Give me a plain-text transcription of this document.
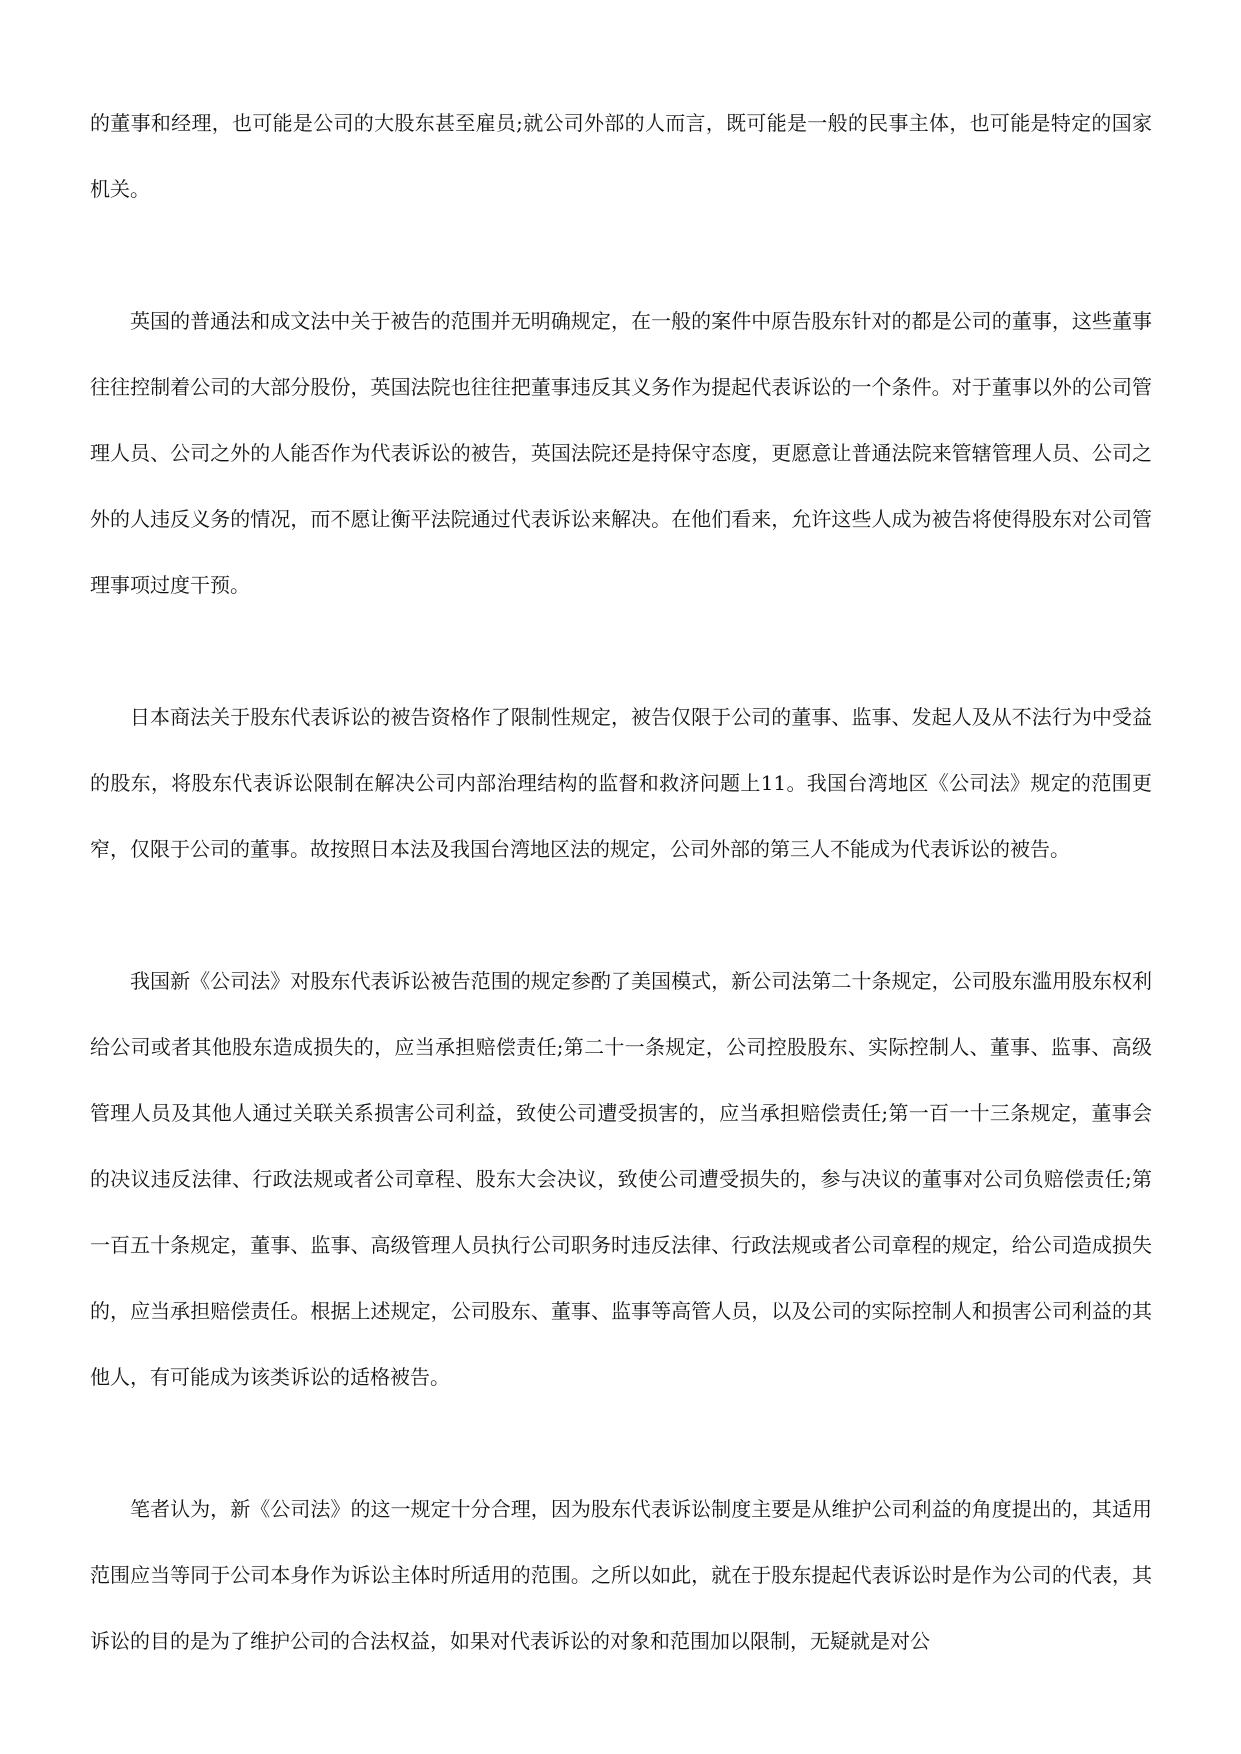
的董事和经理，也可能是公司的大股东甚至雇员;就公司外部的人而言，既可能是一般的民事主体，也可能是特定的国家机关。

英国的普通法和成文法中关于被告的范围并无明确规定，在一般的案件中原告股东针对的都是公司的董事，这些董事往往控制着公司的大部分股份，英国法院也往往把董事违反其义务作为提起代表诉讼的一个条件。对于董事以外的公司管理人员、公司之外的人能否作为代表诉讼的被告，英国法院还是持保守态度，更愿意让普通法院来管辖管理人员、公司之外的人违反义务的情况，而不愿让衡平法院通过代表诉讼来解决。在他们看来，允许这些人成为被告将使得股东对公司管理事项过度干预。

日本商法关于股东代表诉讼的被告资格作了限制性规定，被告仅限于公司的董事、监事、发起人及从不法行为中受益的股东，将股东代表诉讼限制在解决公司内部治理结构的监督和救济问题上11。我国台湾地区《公司法》规定的范围更窄，仅限于公司的董事。故按照日本法及我国台湾地区法的规定，公司外部的第三人不能成为代表诉讼的被告。

我国新《公司法》对股东代表诉讼被告范围的规定参酌了美国模式，新公司法第二十条规定，公司股东滥用股东权利给公司或者其他股东造成损失的，应当承担赔偿责任;第二十一条规定，公司控股股东、实际控制人、董事、监事、高级管理人员及其他人通过关联关系损害公司利益，致使公司遭受损害的，应当承担赔偿责任;第一百一十三条规定，董事会的决议违反法律、行政法规或者公司章程、股东大会决议，致使公司遭受损失的，参与决议的董事对公司负赔偿责任;第一百五十条规定，董事、监事、高级管理人员执行公司职务时违反法律、行政法规或者公司章程的规定，给公司造成损失的，应当承担赔偿责任。根据上述规定，公司股东、董事、监事等高管人员，以及公司的实际控制人和损害公司利益的其他人，有可能成为该类诉讼的适格被告。

笔者认为，新《公司法》的这一规定十分合理，因为股东代表诉讼制度主要是从维护公司利益的角度提出的，其适用范围应当等同于公司本身作为诉讼主体时所适用的范围。之所以如此，就在于股东提起代表诉讼时是作为公司的代表，其诉讼的目的是为了维护公司的合法权益，如果对代表诉讼的对象和范围加以限制，无疑就是对公
